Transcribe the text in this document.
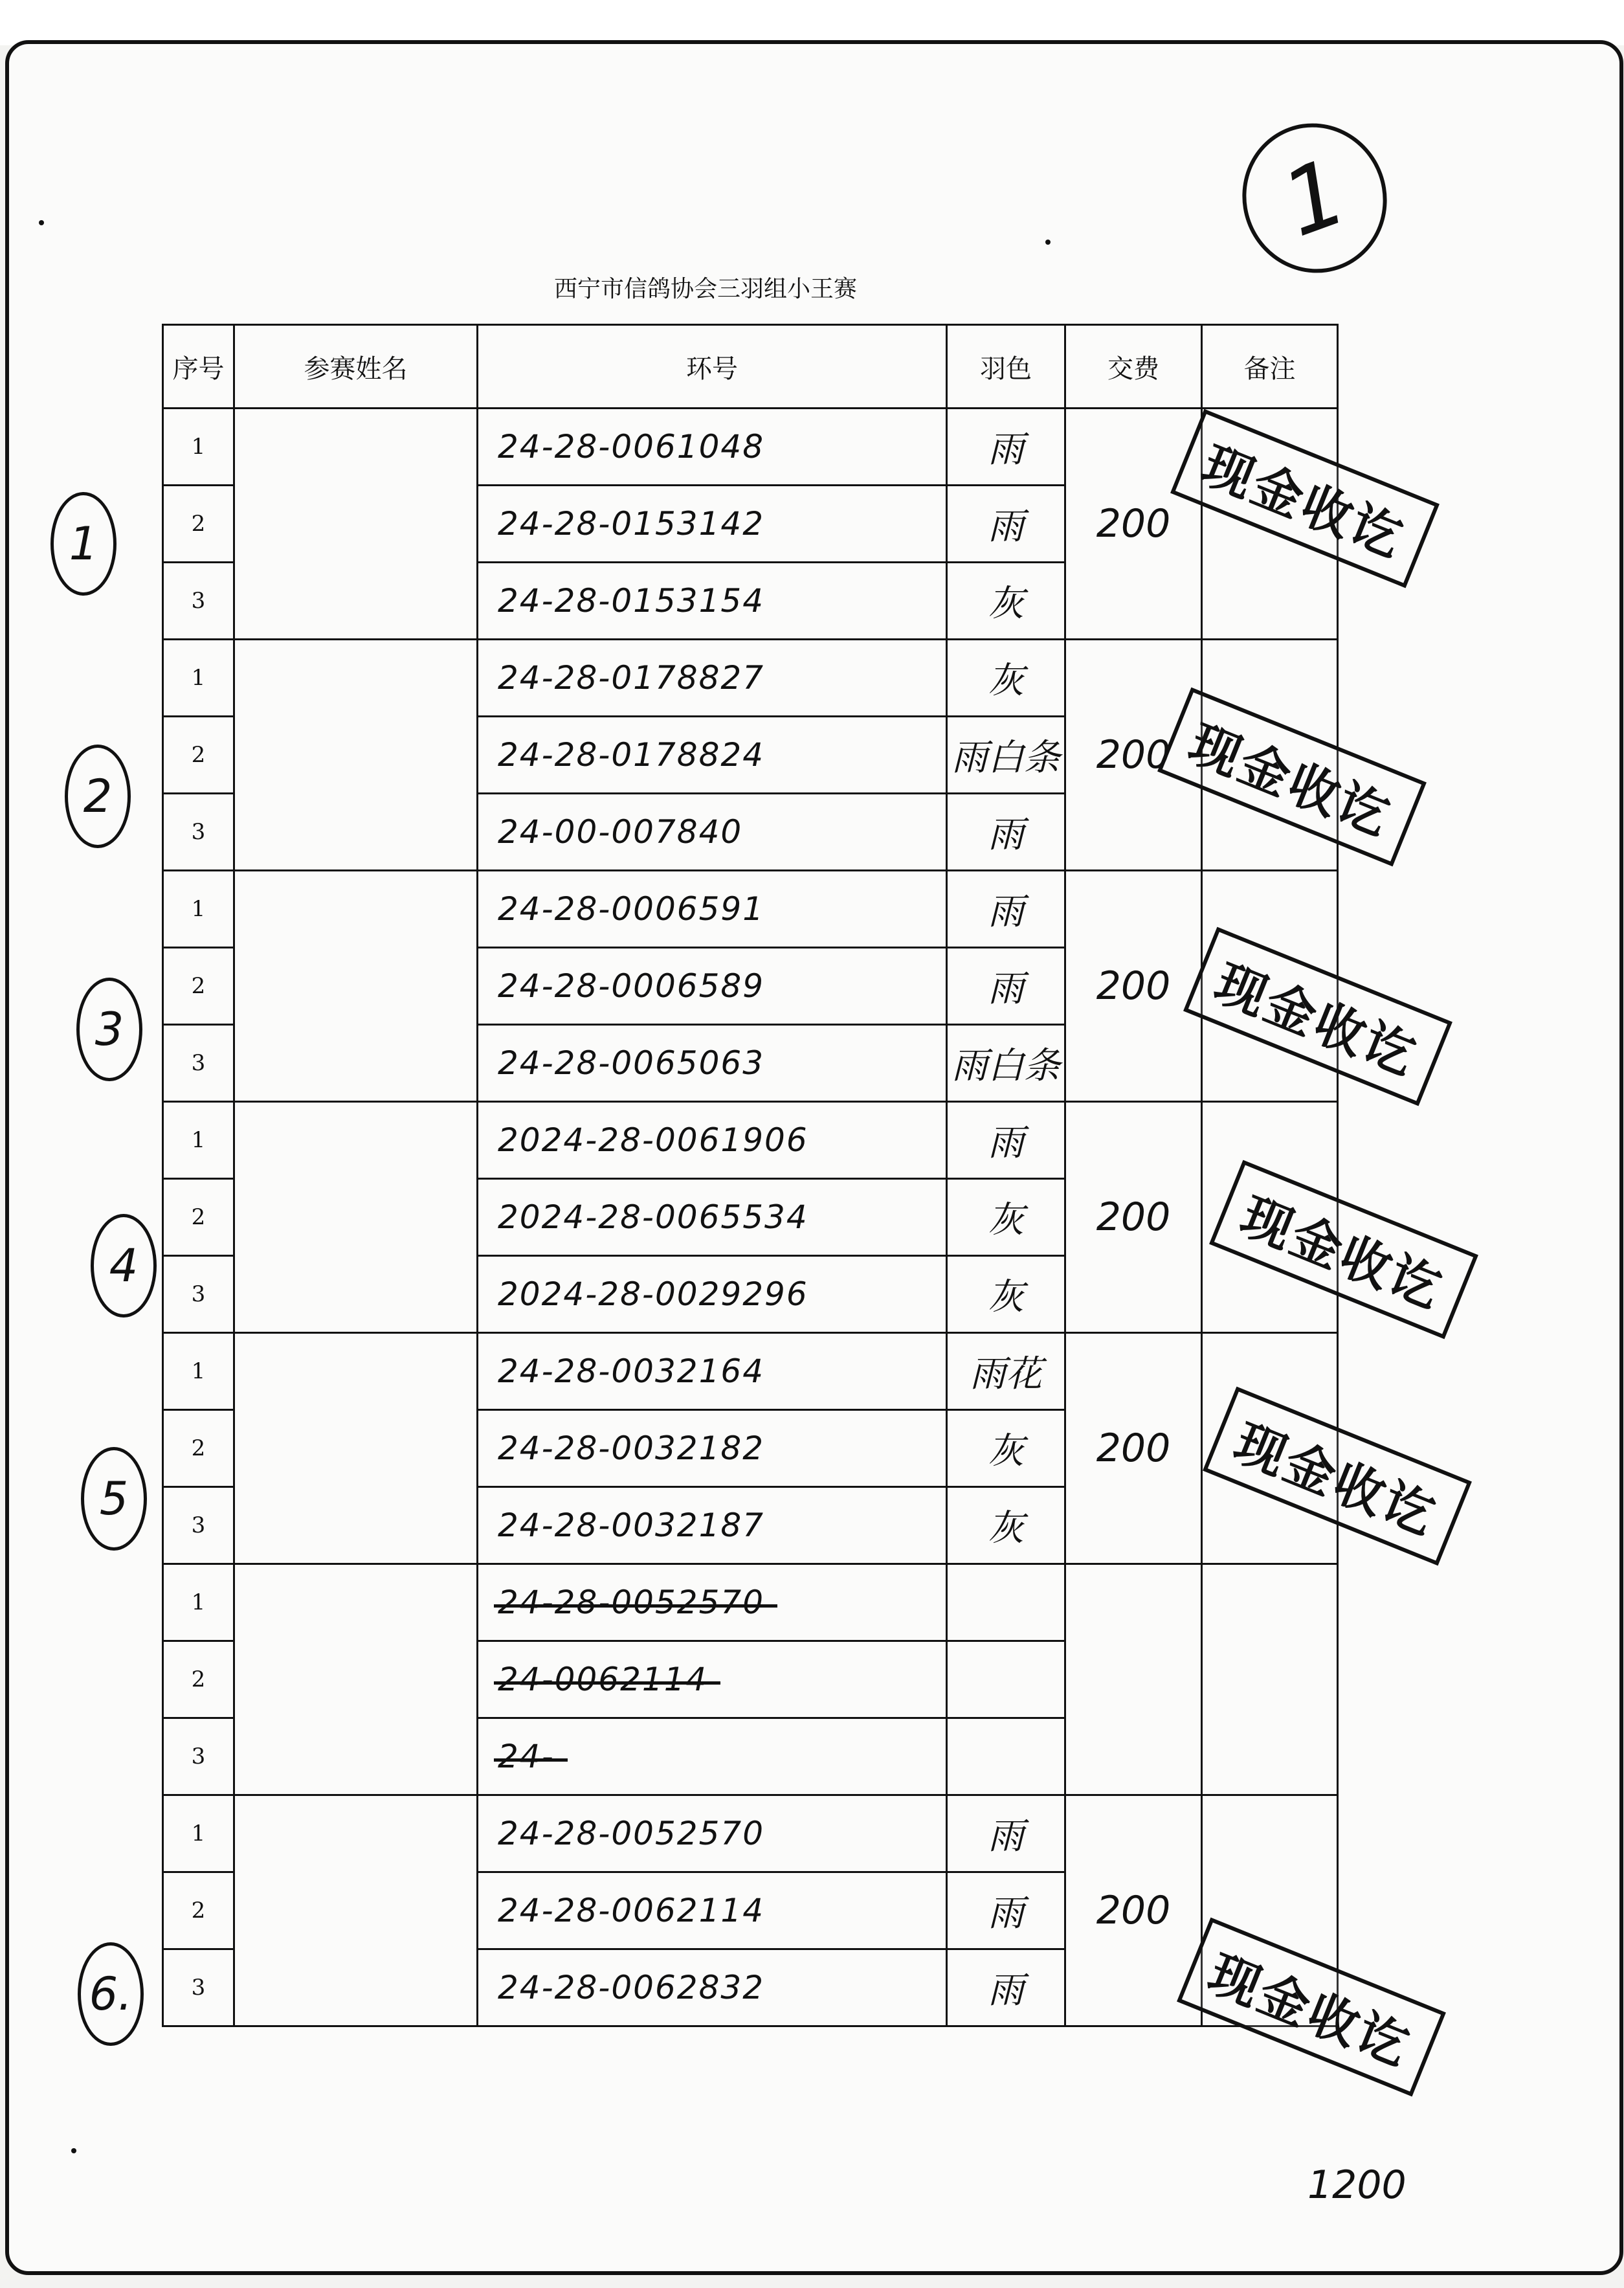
1
西宁市信鸽协会三羽组小王赛
序号	参赛姓名	环号	羽色	交费	备注
1		24-28-0061048	雨	200	
2		24-28-0153142	雨		
3		24-28-0153154	灰		
1		24-28-0178827	灰	200	
2		24-28-0178824	雨白条		
3		24-00-007840	雨		
1		24-28-0006591	雨	200	
2		24-28-0006589	雨		
3		24-28-0065063	雨白条		
1		2024-28-0061906	雨	200	
2		2024-28-0065534	灰		
3		2024-28-0029296	灰		
1		24-28-0032164	雨花	200	
2		24-28-0032182	灰		
3		24-28-0032187	灰		
1		24-28-0052570			
2		24-0062114			
3		24-			
1		24-28-0052570	雨	200	
2		24-28-0062114	雨		
3		24-28-0062832	雨		
现金收讫
1
现金收讫
2
现金收讫
3
现金收讫
4
现金收讫
5
现金收讫
6.
1200
